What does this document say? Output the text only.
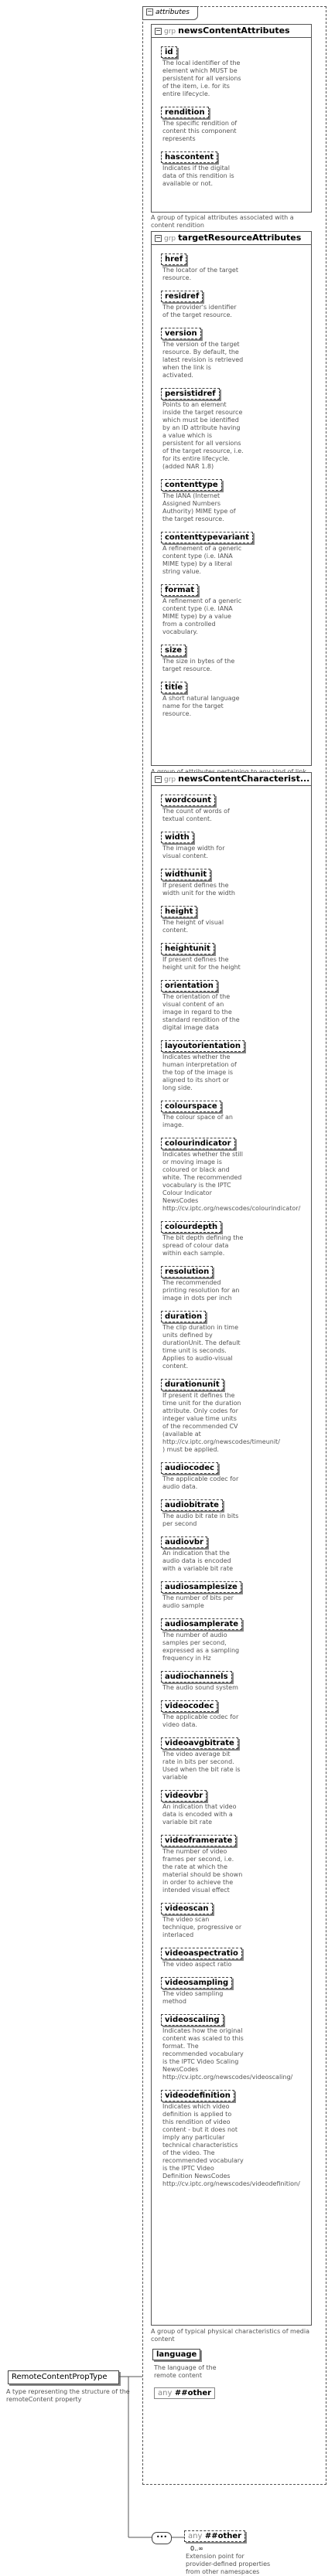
RemoteContentPropType
A type representing the structure of the remoteContent property
− attributes
− grp newsContentAttributes
id
The local identifier of the element which MUST be persistent for all versions of the item, i.e. for its entire lifecycle.
rendition
The specific rendition of content this component represents
hascontent
Indicates if the digital data of this rendition is available or not.
A group of typical attributes associated with a content rendition
− grp targetResourceAttributes
href
The locator of the target resource.
residref
The provider's identifier of the target resource.
version
The version of the target resource. By default, the latest revision is retrieved when the link is activated.
persistidref
Points to an element inside the target resource which must be identified by an ID attribute having a value which is persistent for all versions of the target resource, i.e. for its entire lifecycle. (added NAR 1.8)
contenttype
The IANA (Internet Assigned Numbers Authority) MIME type of the target resource.
contenttypevariant
A refinement of a generic content type (i.e. IANA MIME type) by a literal string value.
format
A refinement of a generic content type (i.e. IANA MIME type) by a value from a controlled vocabulary.
size
The size in bytes of the target resource.
title
A short natural language name for the target resource.
− grp newsContentCharacterist...
wordcount
The count of words of textual content.
width
The image width for visual content.
widthunit
If present defines the width unit for the width
height
The height of visual content.
heightunit
If present defines the height unit for the height
orientation
The orientation of the visual content of an image in regard to the standard rendition of the digital image data
layoutorientation
Indicates whether the human interpretation of the top of the image is aligned to its short or long side.
colourspace
The colour space of an image.
colourindicator
Indicates whether the still or moving image is coloured or black and white. The recommended vocabulary is the IPTC Colour Indicator NewsCodes http://cv.iptc.org/newscodes/colourindicator/
colourdepth
The bit depth defining the spread of colour data within each sample.
resolution
The recommended printing resolution for an image in dots per inch
duration
The clip duration in time units defined by durationUnit. The default time unit is seconds. Applies to audio-visual content.
durationunit
If present it defines the time unit for the duration attribute. Only codes for integer value time units of the recommended CV (available at http://cv.iptc.org/newscodes/timeunit/ ) must be applied.
audiocodec
The applicable codec for audio data.
audiobitrate
The audio bit rate in bits per second
audiovbr
An indication that the audio data is encoded with a variable bit rate
audiosamplesize
The number of bits per audio sample
audiosamplerate
The number of audio samples per second, expressed as a sampling frequency in Hz
audiochannels
The audio sound system
videocodec
The applicable codec for video data.
videoavgbitrate
The video average bit rate in bits per second. Used when the bit rate is variable
videovbr
An indication that video data is encoded with a variable bit rate
videoframerate
The number of video frames per second, i.e. the rate at which the material should be shown in order to achieve the intended visual effect
videoscan
The video scan technique, progressive or interlaced
videoaspectratio
The video aspect ratio
videosampling
The video sampling method
videoscaling
Indicates how the original content was scaled to this format. The recommended vocabulary is the IPTC Video Scaling NewsCodes http://cv.iptc.org/newscodes/videoscaling/
videodefinition
Indicates which video definition is applied to this rendition of video content - but it does not imply any particular technical characteristics of the video. The recommended vocabulary is the IPTC Video Definition NewsCodes http://cv.iptc.org/newscodes/videodefinition/
A group of typical physical characteristics of media content
language
The language of the remote content
any ##other
•••	any ##other
0..∞
Extension point for provider-defined properties from other namespaces
